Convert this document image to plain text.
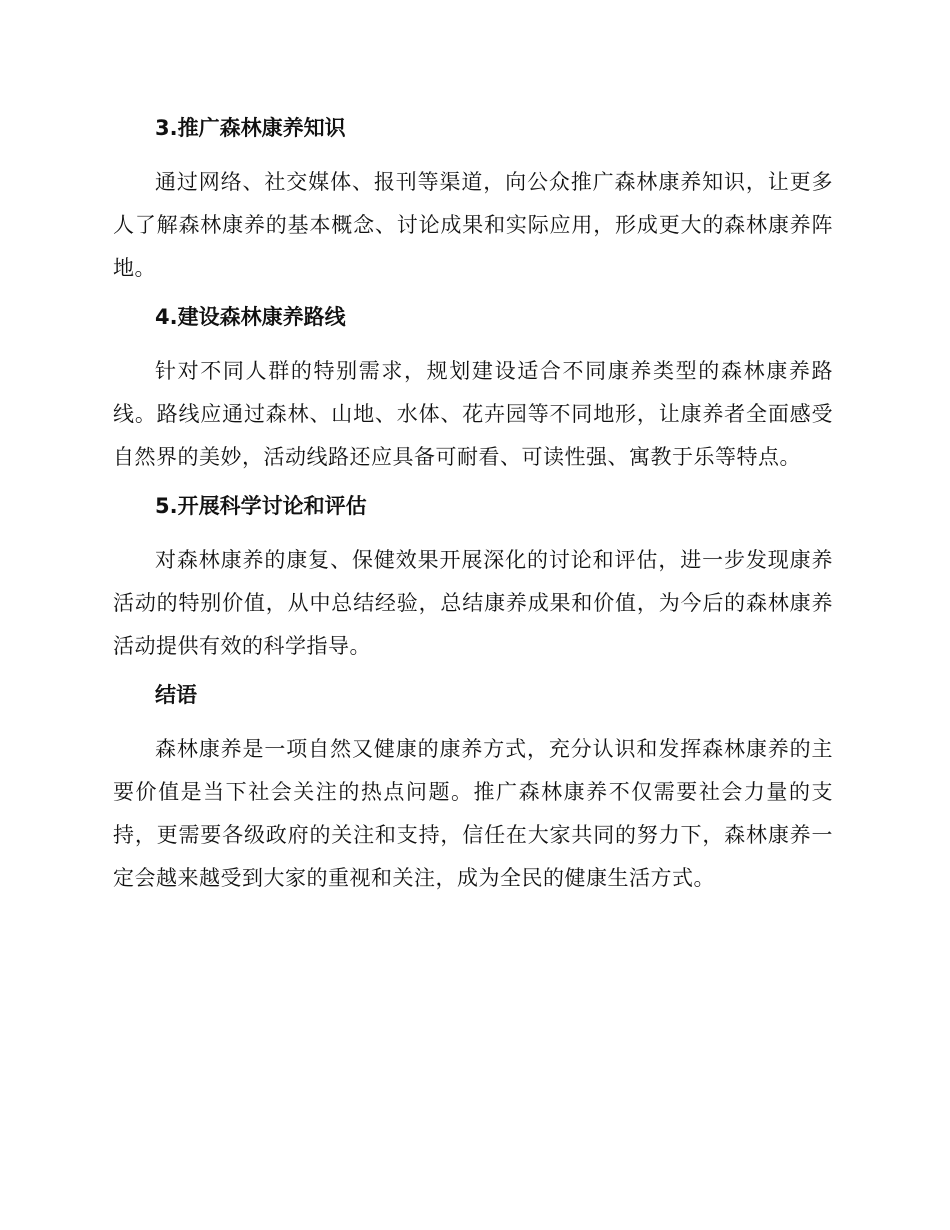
3.推广森林康养知识

通过网络、社交媒体、报刊等渠道，向公众推广森林康养知识，让更多人了解森林康养的基本概念、讨论成果和实际应用，形成更大的森林康养阵地。

4.建设森林康养路线

针对不同人群的特别需求，规划建设适合不同康养类型的森林康养路线。路线应通过森林、山地、水体、花卉园等不同地形，让康养者全面感受自然界的美妙，活动线路还应具备可耐看、可读性强、寓教于乐等特点。

5.开展科学讨论和评估

对森林康养的康复、保健效果开展深化的讨论和评估，进一步发现康养活动的特别价值，从中总结经验，总结康养成果和价值，为今后的森林康养活动提供有效的科学指导。

结语

森林康养是一项自然又健康的康养方式，充分认识和发挥森林康养的主要价值是当下社会关注的热点问题。推广森林康养不仅需要社会力量的支持，更需要各级政府的关注和支持，信任在大家共同的努力下，森林康养一定会越来越受到大家的重视和关注，成为全民的健康生活方式。
